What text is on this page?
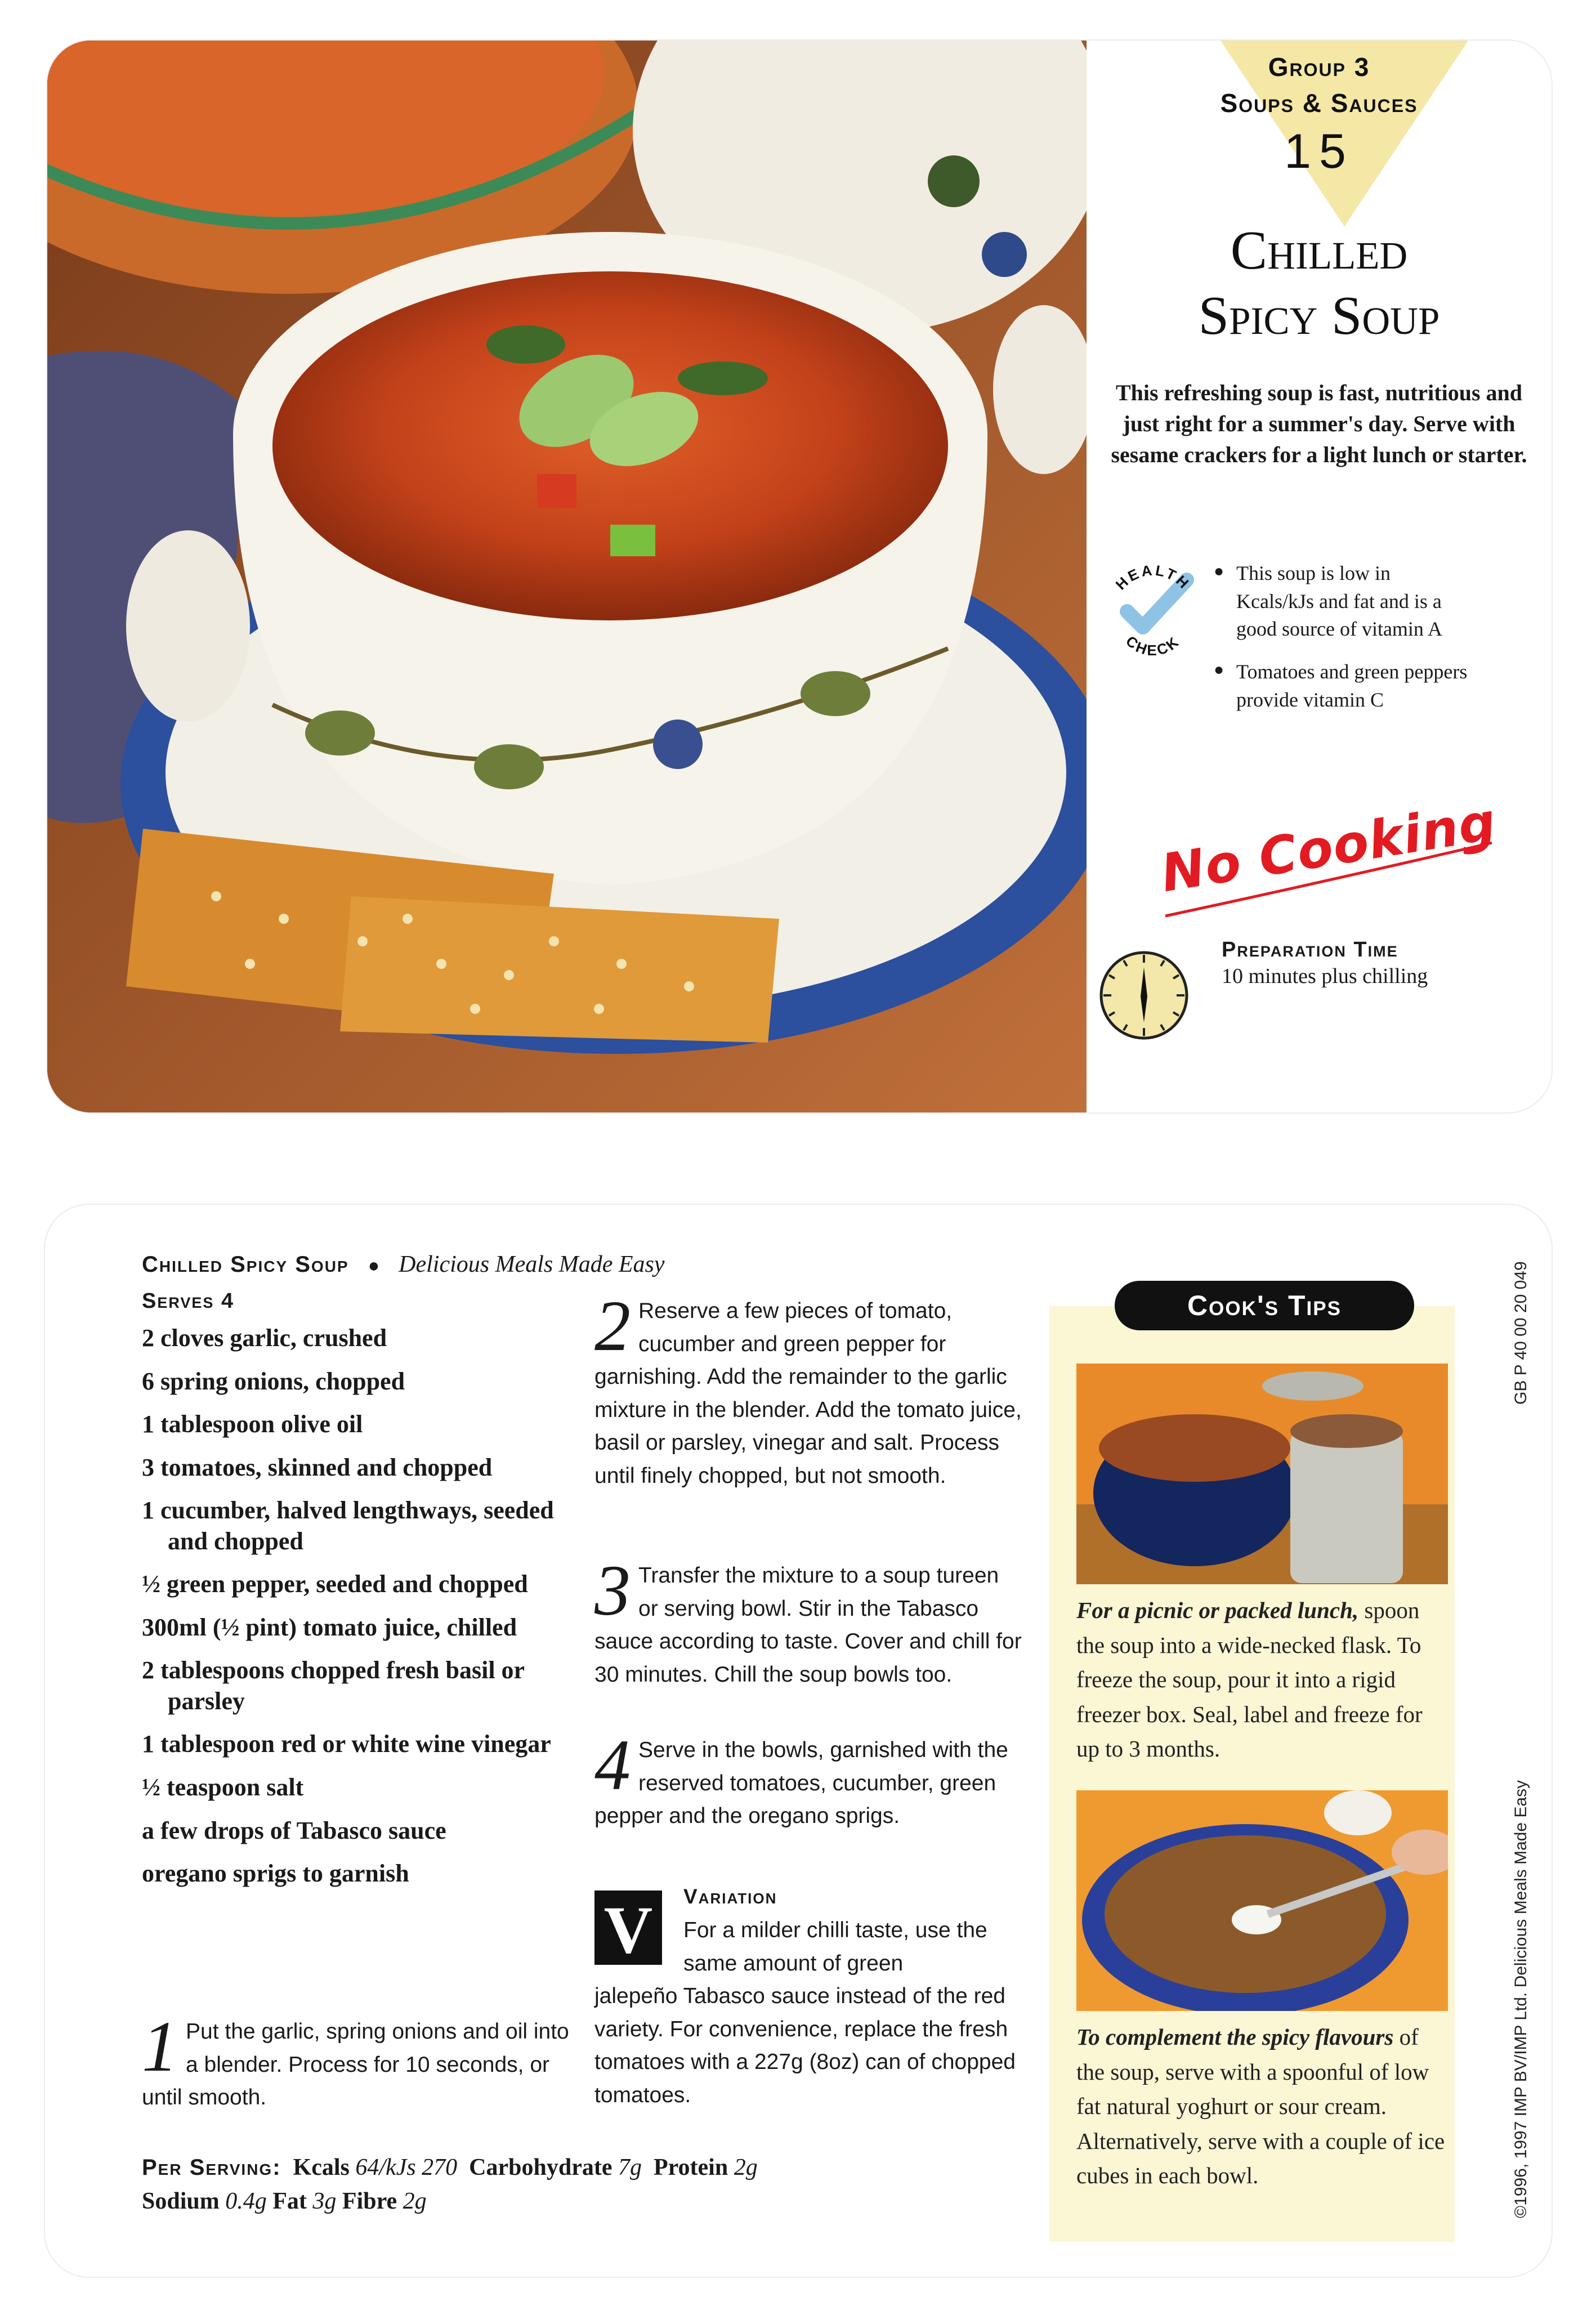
Group 3
Soups & Sauces
15
Chilled
Spicy Soup
This refreshing soup is fast, nutritious and just right for a summer's day. Serve with sesame crackers for a light lunch or starter.
HEALTH
CHECK
● This soup is low in Kcals/kJs and fat and is a good source of vitamin A
● Tomatoes and green peppers provide vitamin C
No Cooking
Preparation Time
10 minutes plus chilling
Chilled Spicy Soup ● Delicious Meals Made Easy
Serves 4
2 cloves garlic, crushed
6 spring onions, chopped
1 tablespoon olive oil
3 tomatoes, skinned and chopped
1 cucumber, halved lengthways, seeded and chopped
½ green pepper, seeded and chopped
300ml (½ pint) tomato juice, chilled
2 tablespoons chopped fresh basil or parsley
1 tablespoon red or white wine vinegar
½ teaspoon salt
a few drops of Tabasco sauce
oregano sprigs to garnish
1 Put the garlic, spring onions and oil into a blender. Process for 10 seconds, or until smooth.
2 Reserve a few pieces of tomato, cucumber and green pepper for garnishing. Add the remainder to the garlic mixture in the blender. Add the tomato juice, basil or parsley, vinegar and salt. Process until finely chopped, but not smooth.
3 Transfer the mixture to a soup tureen or serving bowl. Stir in the Tabasco sauce according to taste. Cover and chill for 30 minutes. Chill the soup bowls too.
4 Serve in the bowls, garnished with the reserved tomatoes, cucumber, green pepper and the oregano sprigs.
V Variation
For a milder chilli taste, use the same amount of green
jalepeño Tabasco sauce instead of the red variety. For convenience, replace the fresh tomatoes with a 227g (8oz) can of chopped tomatoes.
Per Serving: Kcals 64/kJs 270 Carbohydrate 7g Protein 2g
Sodium 0.4g Fat 3g Fibre 2g
Cook's Tips
For a picnic or packed lunch, spoon the soup into a wide-necked flask. To freeze the soup, pour it into a rigid freezer box. Seal, label and freeze for up to 3 months.
To complement the spicy flavours of the soup, serve with a spoonful of low fat natural yoghurt or sour cream. Alternatively, serve with a couple of ice cubes in each bowl.
GB P 40 00 20 049
©1996, 1997 IMP BV/IMP Ltd. Delicious Meals Made Easy
